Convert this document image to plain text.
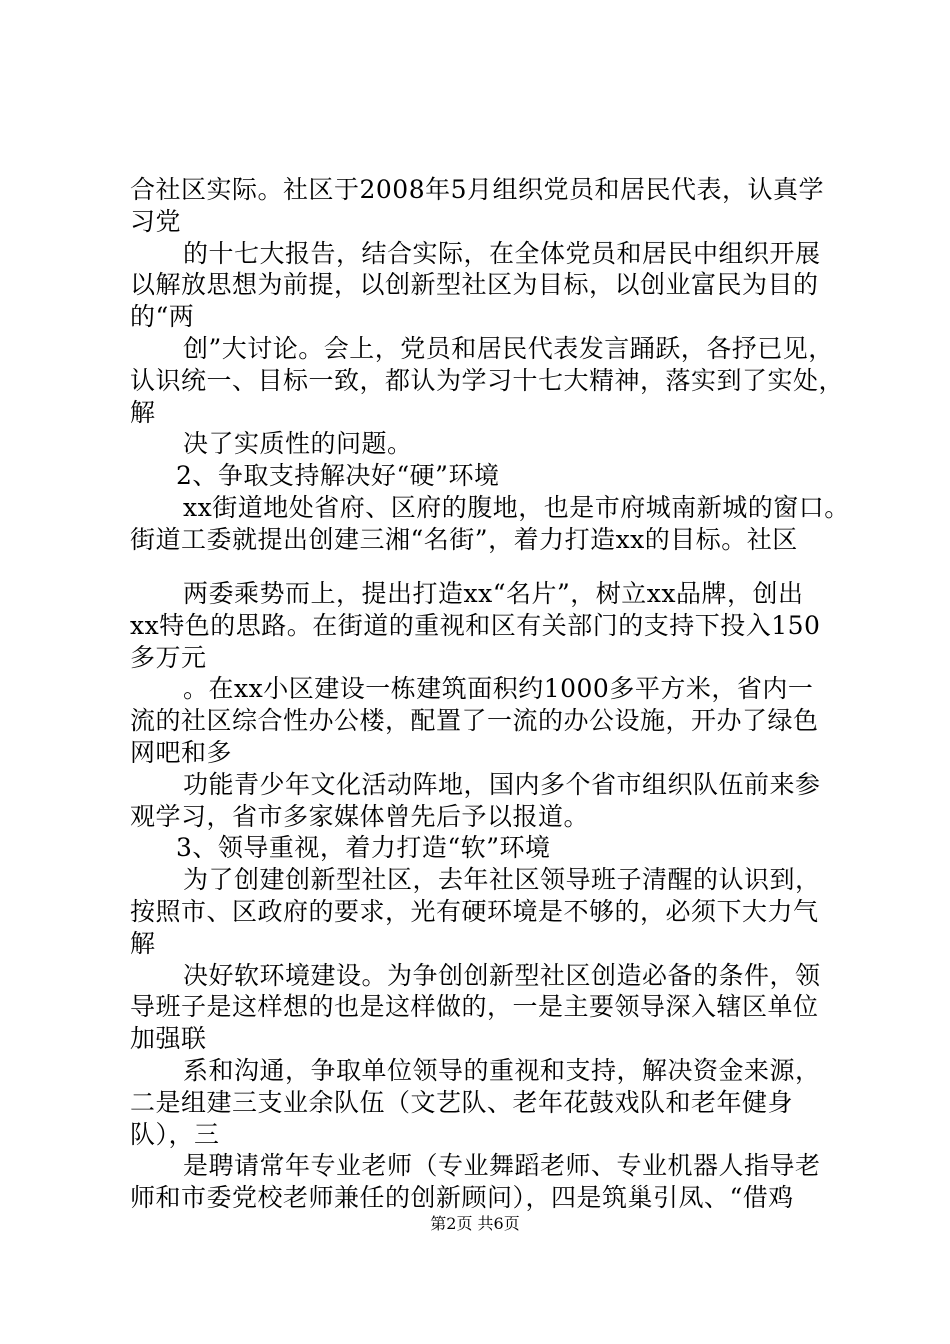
合社区实际。社区于2008年5月组织党员和居民代表，认真学
习党
的十七大报告，结合实际，在全体党员和居民中组织开展
以解放思想为前提，以创新型社区为目标，以创业富民为目的
的“两
创”大讨论。会上，党员和居民代表发言踊跃，各抒已见，
认识统一、目标一致，都认为学习十七大精神，落实到了实处，
解
决了实质性的问题。
2、争取支持解决好“硬”环境
xx街道地处省府、区府的腹地，也是市府城南新城的窗口。
街道工委就提出创建三湘“名街”，着力打造xx的目标。社区
两委乘势而上，提出打造xx“名片”，树立xx品牌，创出
xx特色的思路。在街道的重视和区有关部门的支持下投入150
多万元
。在xx小区建设一栋建筑面积约1000多平方米，省内一
流的社区综合性办公楼，配置了一流的办公设施，开办了绿色
网吧和多
功能青少年文化活动阵地，国内多个省市组织队伍前来参
观学习，省市多家媒体曾先后予以报道。
3、领导重视，着力打造“软”环境
为了创建创新型社区，去年社区领导班子清醒的认识到，
按照市、区政府的要求，光有硬环境是不够的，必须下大力气
解
决好软环境建设。为争创创新型社区创造必备的条件，领
导班子是这样想的也是这样做的，一是主要领导深入辖区单位
加强联
系和沟通，争取单位领导的重视和支持，解决资金来源，
二是组建三支业余队伍（文艺队、老年花鼓戏队和老年健身
队），三
是聘请常年专业老师（专业舞蹈老师、专业机器人指导老
师和市委党校老师兼任的创新顾问），四是筑巢引凤、“借鸡
第2页 共6页
